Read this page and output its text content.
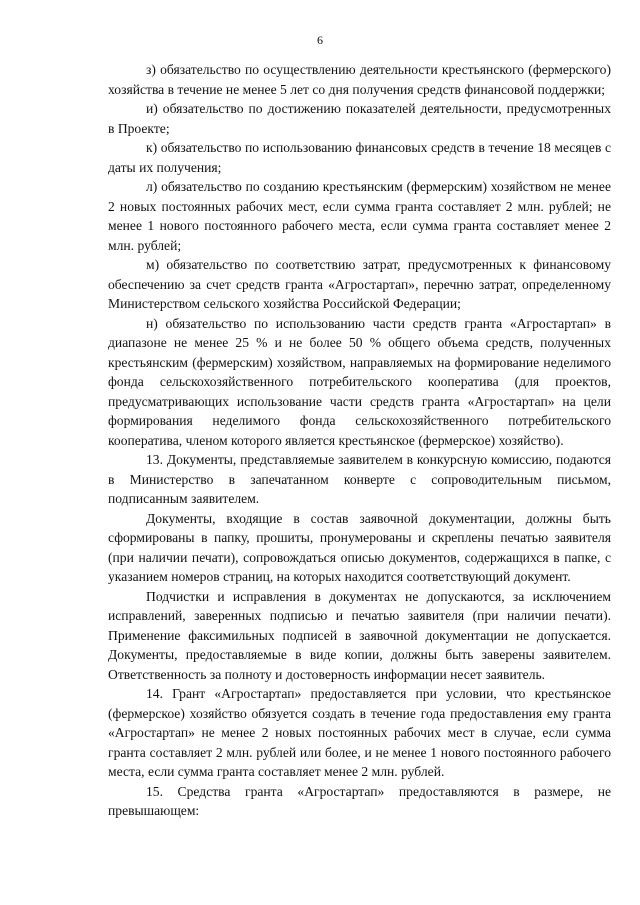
6

з) обязательство по осуществлению деятельности крестьянского (фермерского) хозяйства в течение не менее 5 лет со дня получения средств финансовой поддержки;

и) обязательство по достижению показателей деятельности, предусмотренных в Проекте;

к) обязательство по использованию финансовых средств в течение 18 месяцев с даты их получения;

л) обязательство по созданию крестьянским (фермерским) хозяйством не менее 2 новых постоянных рабочих мест, если сумма гранта составляет 2 млн. рублей; не менее 1 нового постоянного рабочего места, если сумма гранта составляет менее 2 млн. рублей;

м) обязательство по соответствию затрат, предусмотренных к финансовому обеспечению за счет средств гранта «Агростартап», перечню затрат, определенному Министерством сельского хозяйства Российской Федерации;

н) обязательство по использованию части средств гранта «Агростартап» в диапазоне не менее 25 % и не более 50 % общего объема средств, полученных крестьянским (фермерским) хозяйством, направляемых на формирование неделимого фонда сельскохозяйственного потребительского кооператива (для проектов, предусматривающих использование части средств гранта «Агростартап» на цели формирования неделимого фонда сельскохозяйственного потребительского кооператива, членом которого является крестьянское (фермерское) хозяйство).

13. Документы, представляемые заявителем в конкурсную комиссию, подаются в Министерство в запечатанном конверте с сопроводительным письмом, подписанным заявителем.

Документы, входящие в состав заявочной документации, должны быть сформированы в папку, прошиты, пронумерованы и скреплены печатью заявителя (при наличии печати), сопровождаться описью документов, содержащихся в папке, с указанием номеров страниц, на которых находится соответствующий документ.

Подчистки и исправления в документах не допускаются, за исключением исправлений, заверенных подписью и печатью заявителя (при наличии печати). Применение факсимильных подписей в заявочной документации не допускается. Документы, предоставляемые в виде копии, должны быть заверены заявителем. Ответственность за полноту и достоверность информации несет заявитель.

14. Грант «Агростартап» предоставляется при условии, что крестьянское (фермерское) хозяйство обязуется создать в течение года предоставления ему гранта «Агростартап» не менее 2 новых постоянных рабочих мест в случае, если сумма гранта составляет 2 млн. рублей или более, и не менее 1 нового постоянного рабочего места, если сумма гранта составляет менее 2 млн. рублей.

15. Средства гранта «Агростартап» предоставляются в размере, не превышающем:
